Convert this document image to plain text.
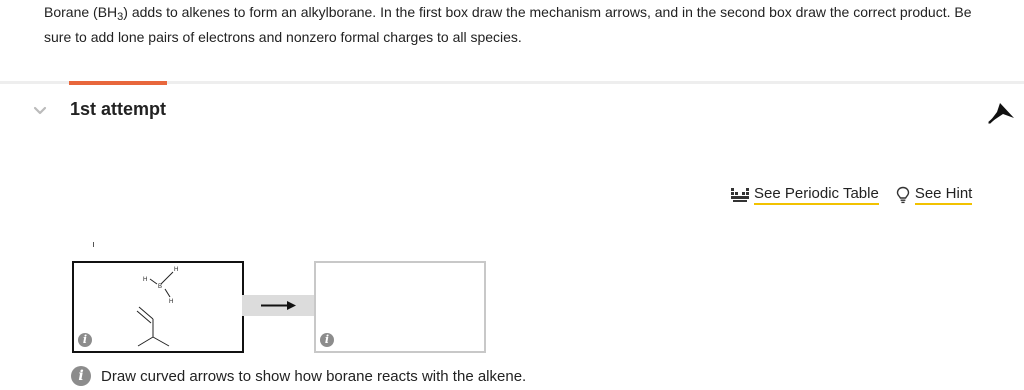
Borane $(BH_3)$ adds to alkenes to form an alkylborane. In the first box draw the mechanism arrows, and in the second box draw the correct product. Be sure to add lone pairs of electrons and nonzero formal charges to all species.
1st attempt
See Periodic Table See Hint
H
B
H
H
i	i
i	Draw curved arrows to show how borane reacts with the alkene.
